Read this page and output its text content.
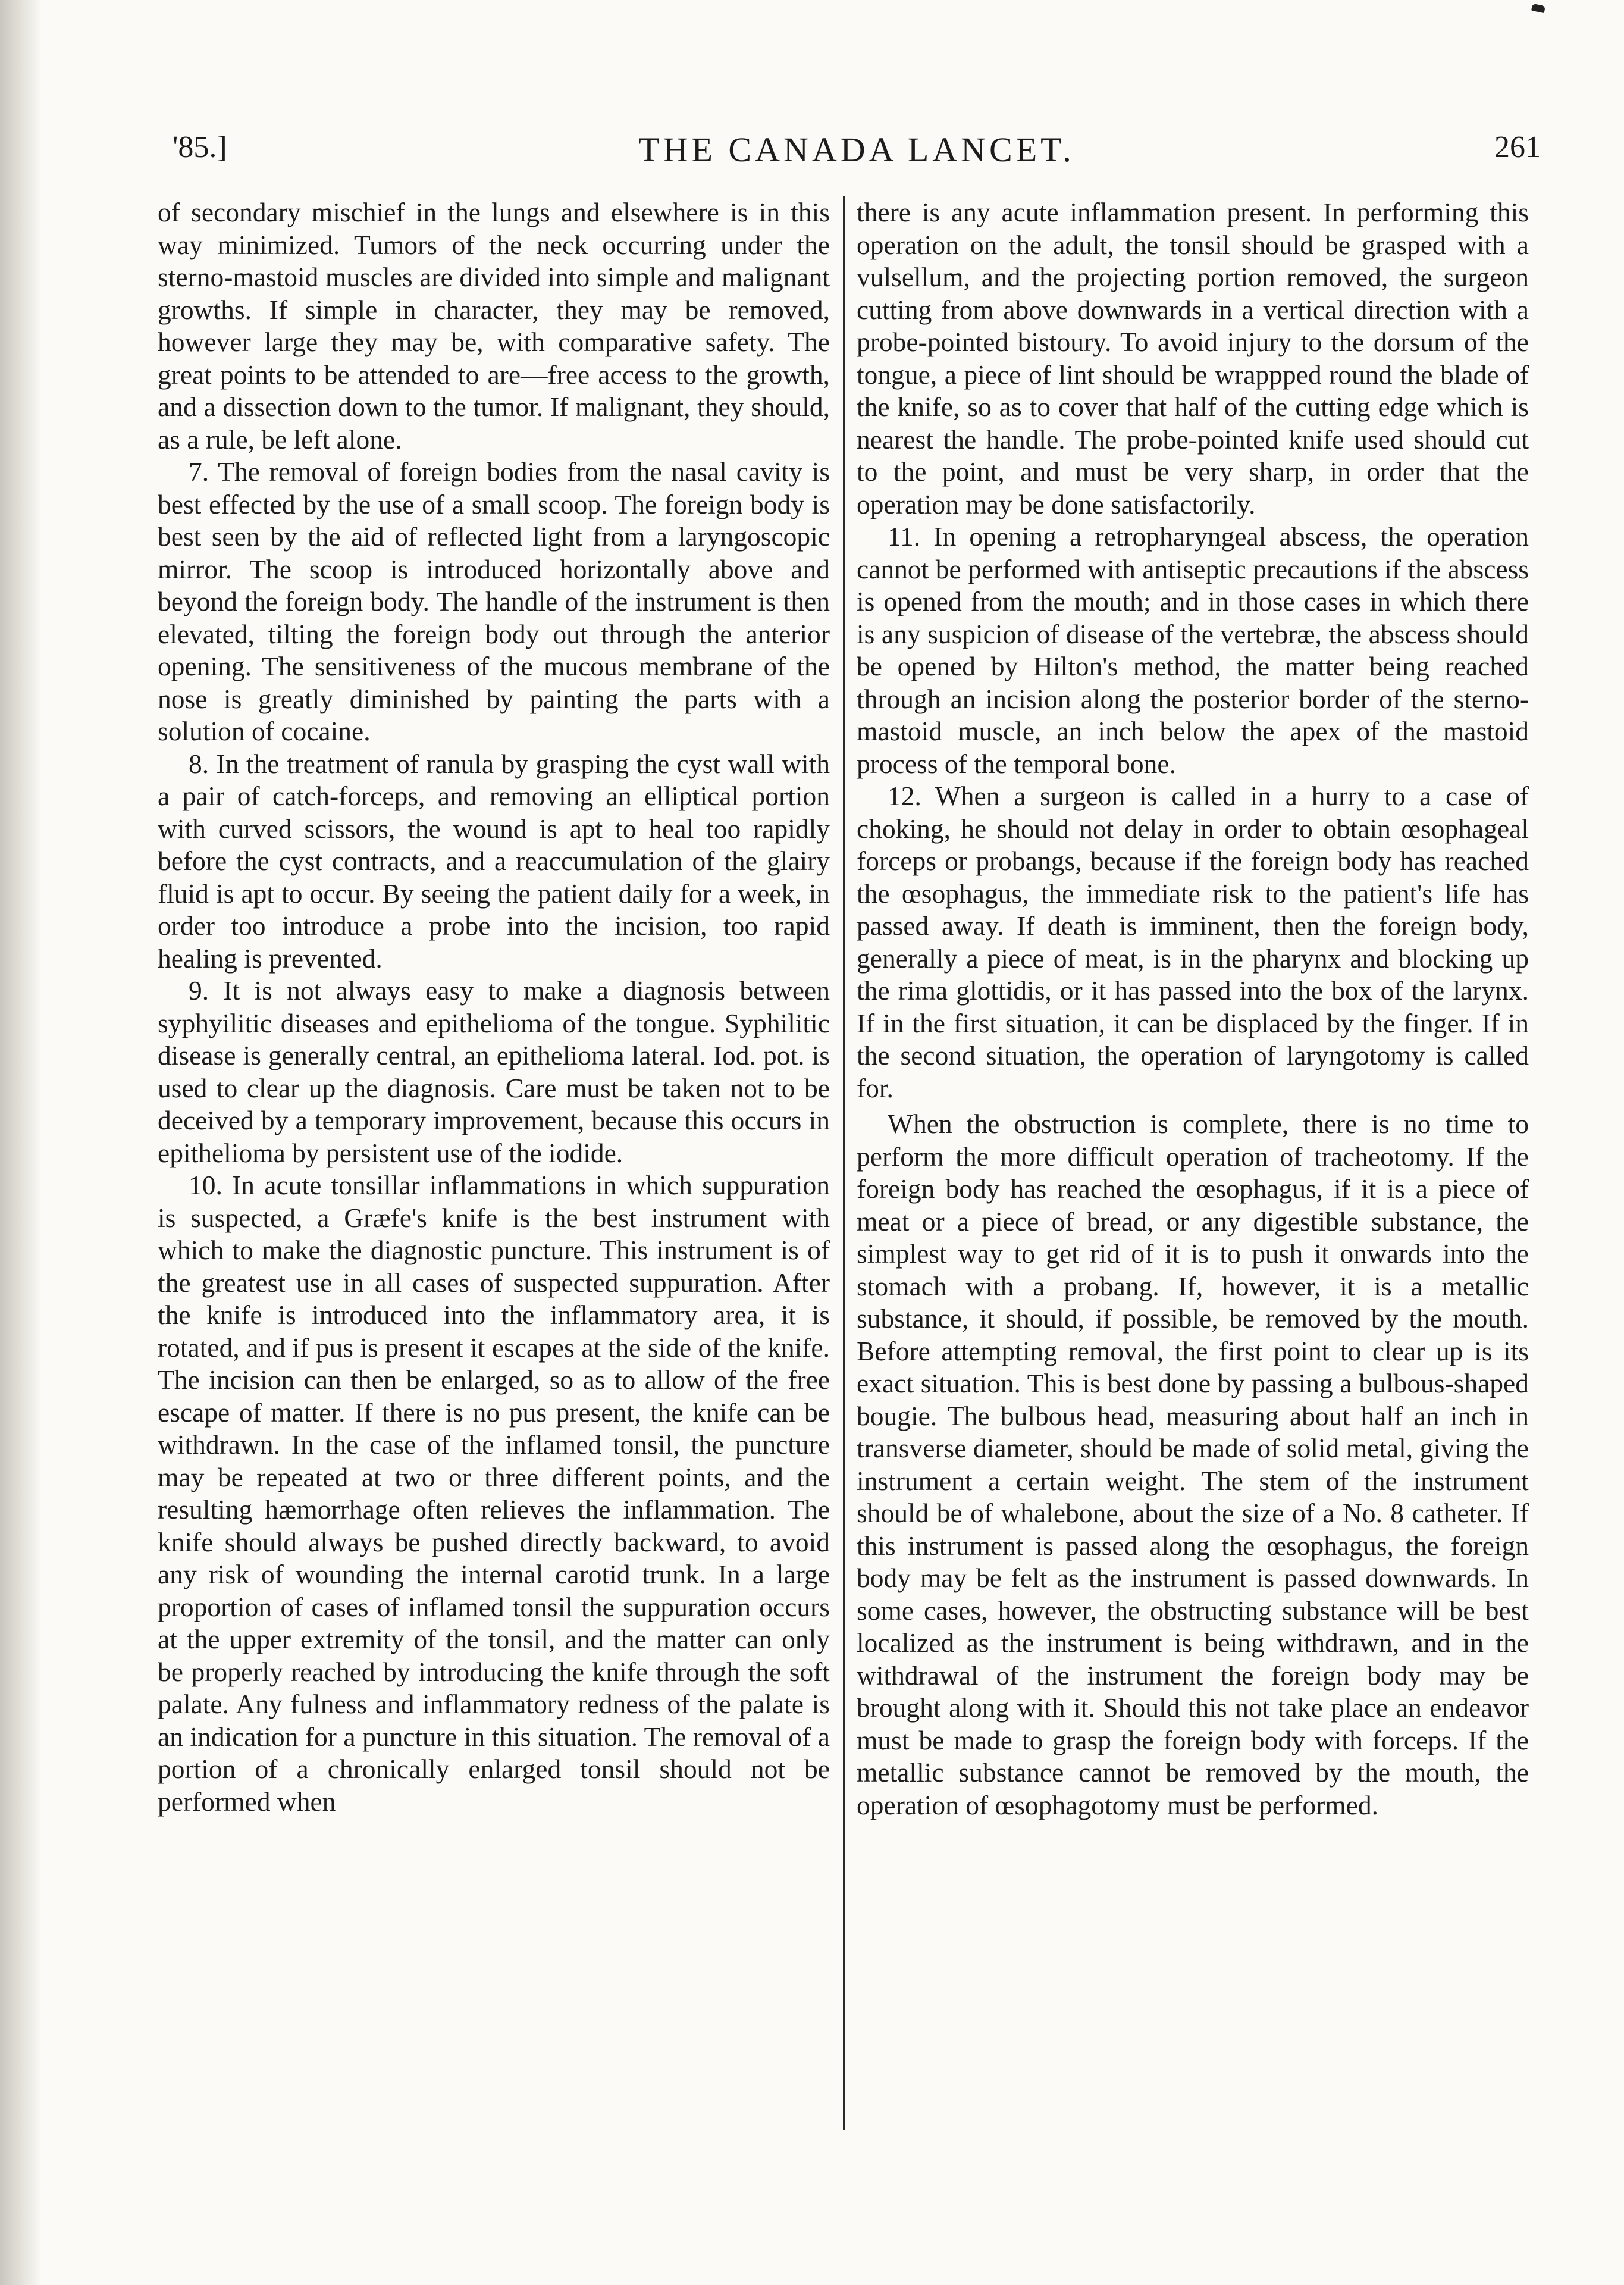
'85.]	THE CANADA LANCET.	261

of secondary mischief in the lungs and elsewhere is in this way minimized. Tumors of the neck occurring under the sterno-mastoid muscles are divided into simple and malignant growths. If simple in character, they may be removed, however large they may be, with comparative safety. The great points to be attended to are—free access to the growth, and a dissection down to the tumor. If malignant, they should, as a rule, be left alone.

7. The removal of foreign bodies from the nasal cavity is best effected by the use of a small scoop. The foreign body is best seen by the aid of reflected light from a laryngoscopic mirror. The scoop is introduced horizontally above and beyond the foreign body. The handle of the instrument is then elevated, tilting the foreign body out through the anterior opening. The sensitiveness of the mucous membrane of the nose is greatly diminished by painting the parts with a solution of cocaine.

8. In the treatment of ranula by grasping the cyst wall with a pair of catch-forceps, and removing an elliptical portion with curved scissors, the wound is apt to heal too rapidly before the cyst contracts, and a reaccumulation of the glairy fluid is apt to occur. By seeing the patient daily for a week, in order too introduce a probe into the incision, too rapid healing is prevented.

9. It is not always easy to make a diagnosis between syphyilitic diseases and epithelioma of the tongue. Syphilitic disease is generally central, an epithelioma lateral. Iod. pot. is used to clear up the diagnosis. Care must be taken not to be deceived by a temporary improvement, because this occurs in epithelioma by persistent use of the iodide.

10. In acute tonsillar inflammations in which suppuration is suspected, a Græfe's knife is the best instrument with which to make the diagnostic puncture. This instrument is of the greatest use in all cases of suspected suppuration. After the knife is introduced into the inflammatory area, it is rotated, and if pus is present it escapes at the side of the knife. The incision can then be enlarged, so as to allow of the free escape of matter. If there is no pus present, the knife can be withdrawn. In the case of the inflamed tonsil, the puncture may be repeated at two or three different points, and the resulting hæmorrhage often relieves the inflammation. The knife should always be pushed directly backward, to avoid any risk of wounding the internal carotid trunk. In a large proportion of cases of inflamed tonsil the suppuration occurs at the upper extremity of the tonsil, and the matter can only be properly reached by introducing the knife through the soft palate. Any fulness and inflammatory redness of the palate is an indication for a puncture in this situation. The removal of a portion of a chronically enlarged tonsil should not be performed when

there is any acute inflammation present. In performing this operation on the adult, the tonsil should be grasped with a vulsellum, and the projecting portion removed, the surgeon cutting from above downwards in a vertical direction with a probe-pointed bistoury. To avoid injury to the dorsum of the tongue, a piece of lint should be wrappped round the blade of the knife, so as to cover that half of the cutting edge which is nearest the handle. The probe-pointed knife used should cut to the point, and must be very sharp, in order that the operation may be done satisfactorily.

11. In opening a retropharyngeal abscess, the operation cannot be performed with antiseptic precautions if the abscess is opened from the mouth; and in those cases in which there is any suspicion of disease of the vertebræ, the abscess should be opened by Hilton's method, the matter being reached through an incision along the posterior border of the sterno-mastoid muscle, an inch below the apex of the mastoid process of the temporal bone.

12. When a surgeon is called in a hurry to a case of choking, he should not delay in order to obtain œsophageal forceps or probangs, because if the foreign body has reached the œsophagus, the immediate risk to the patient's life has passed away. If death is imminent, then the foreign body, generally a piece of meat, is in the pharynx and blocking up the rima glottidis, or it has passed into the box of the larynx. If in the first situation, it can be displaced by the finger. If in the second situation, the operation of laryngotomy is called for.

When the obstruction is complete, there is no time to perform the more difficult operation of tracheotomy. If the foreign body has reached the œsophagus, if it is a piece of meat or a piece of bread, or any digestible substance, the simplest way to get rid of it is to push it onwards into the stomach with a probang. If, however, it is a metallic substance, it should, if possible, be removed by the mouth. Before attempting removal, the first point to clear up is its exact situation. This is best done by passing a bulbous-shaped bougie. The bulbous head, measuring about half an inch in transverse diameter, should be made of solid metal, giving the instrument a certain weight. The stem of the instrument should be of whalebone, about the size of a No. 8 catheter. If this instrument is passed along the œsophagus, the foreign body may be felt as the instrument is passed downwards. In some cases, however, the obstructing substance will be best localized as the instrument is being withdrawn, and in the withdrawal of the instrument the foreign body may be brought along with it. Should this not take place an endeavor must be made to grasp the foreign body with forceps. If the metallic substance cannot be removed by the mouth, the operation of œsophagotomy must be performed.
